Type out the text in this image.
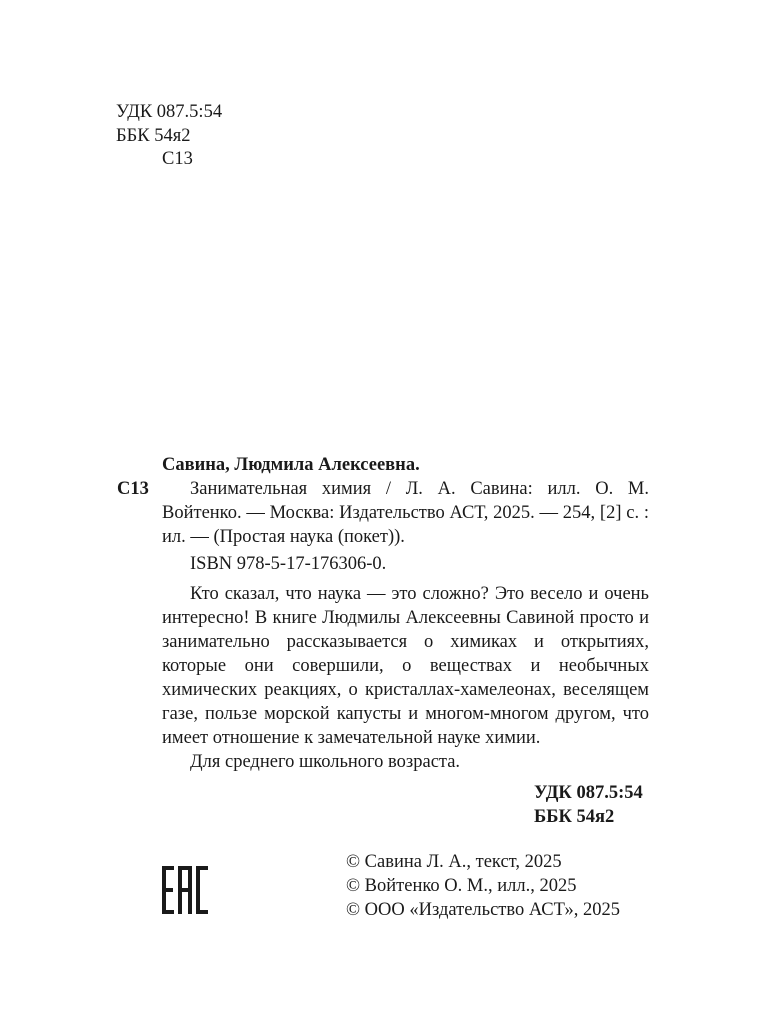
УДК 087.5:54
ББК 54я2
С13
Савина, Людмила Алексеевна.
С13	Занимательная химия / Л. А. Савина: илл. О. М. Войтенко. — Москва: Издательство АСТ, 2025. — 254, [2] с. : ил. — (Простая наука (покет)).

ISBN 978-5-17-176306-0.
Кто сказал, что наука — это сложно? Это весело и очень интересно! В книге Людмилы Алексеевны Савиной просто и занимательно рассказывается о химиках и открытиях, которые они совершили, о веществах и необычных химических реакциях, о кристаллах-хамелеонах, веселящем газе, пользе морской капусты и многом-многом другом, что имеет отношение к замечательной науке химии.
Для среднего школьного возраста.
УДК 087.5:54
ББК 54я2
© Савина Л. А., текст, 2025
© Войтенко О. М., илл., 2025
© ООО «Издательство АСТ», 2025
